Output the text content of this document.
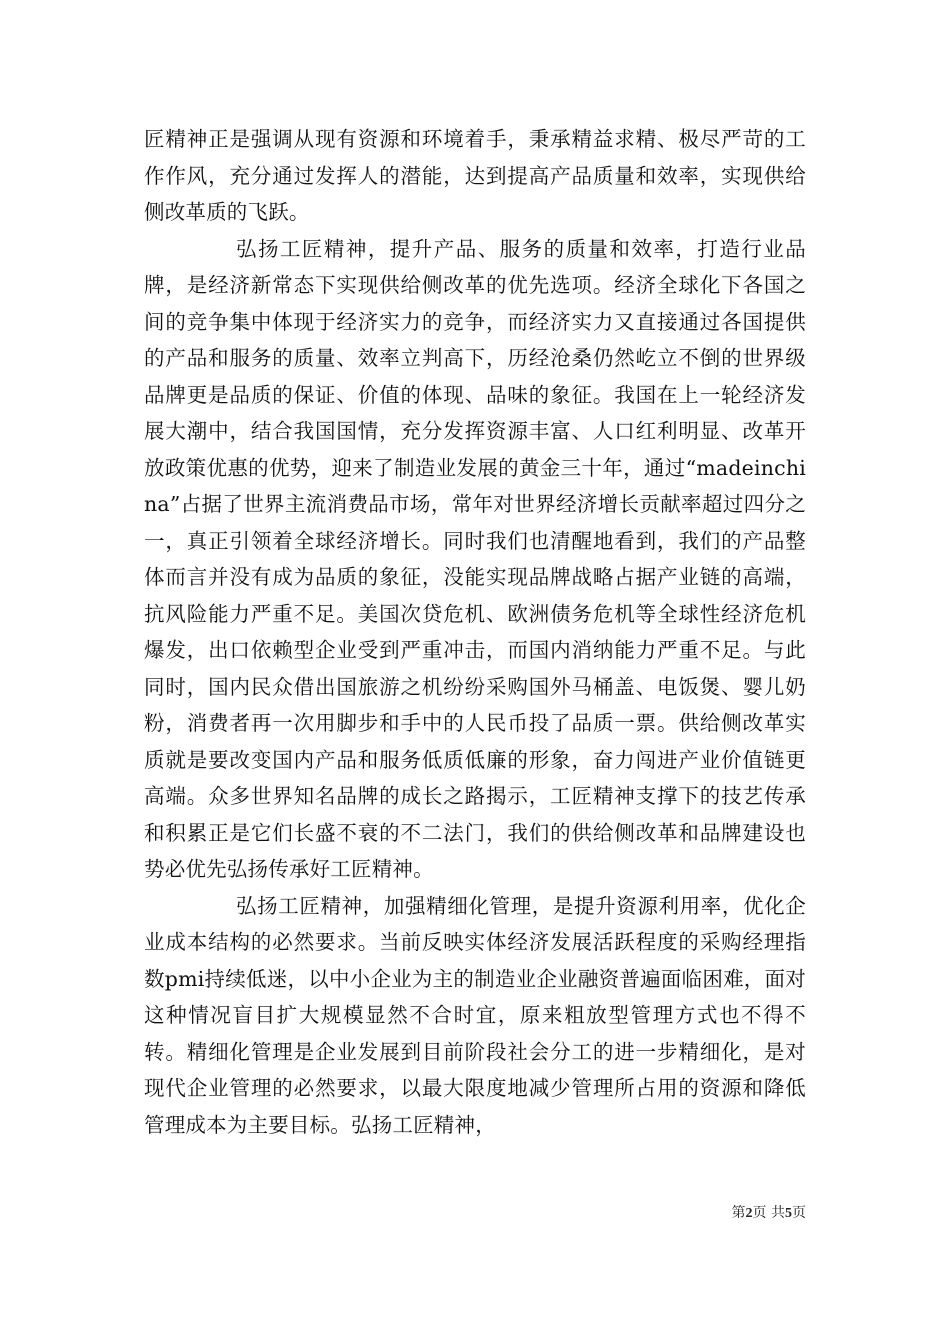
匠精神正是强调从现有资源和环境着手，秉承精益求精、极尽严苛的工作作风，充分通过发挥人的潜能，达到提高产品质量和效率，实现供给侧改革质的飞跃。

弘扬工匠精神，提升产品、服务的质量和效率，打造行业品牌，是经济新常态下实现供给侧改革的优先选项。经济全球化下各国之间的竞争集中体现于经济实力的竞争，而经济实力又直接通过各国提供的产品和服务的质量、效率立判高下，历经沧桑仍然屹立不倒的世界级品牌更是品质的保证、价值的体现、品味的象征。我国在上一轮经济发展大潮中，结合我国国情，充分发挥资源丰富、人口红利明显、改革开放政策优惠的优势，迎来了制造业发展的黄金三十年，通过“madeinchina”占据了世界主流消费品市场，常年对世界经济增长贡献率超过四分之一，真正引领着全球经济增长。同时我们也清醒地看到，我们的产品整体而言并没有成为品质的象征，没能实现品牌战略占据产业链的高端，抗风险能力严重不足。美国次贷危机、欧洲债务危机等全球性经济危机爆发，出口依赖型企业受到严重冲击，而国内消纳能力严重不足。与此同时，国内民众借出国旅游之机纷纷采购国外马桶盖、电饭煲、婴儿奶粉，消费者再一次用脚步和手中的人民币投了品质一票。供给侧改革实质就是要改变国内产品和服务低质低廉的形象，奋力闯进产业价值链更高端。众多世界知名品牌的成长之路揭示，工匠精神支撑下的技艺传承和积累正是它们长盛不衰的不二法门，我们的供给侧改革和品牌建设也势必优先弘扬传承好工匠精神。

弘扬工匠精神，加强精细化管理，是提升资源利用率，优化企业成本结构的必然要求。当前反映实体经济发展活跃程度的采购经理指数pmi持续低迷，以中小企业为主的制造业企业融资普遍面临困难，面对这种情况盲目扩大规模显然不合时宜，原来粗放型管理方式也不得不转。精细化管理是企业发展到目前阶段社会分工的进一步精细化，是对现代企业管理的必然要求，以最大限度地减少管理所占用的资源和降低管理成本为主要目标。弘扬工匠精神，

第2页 共5页
